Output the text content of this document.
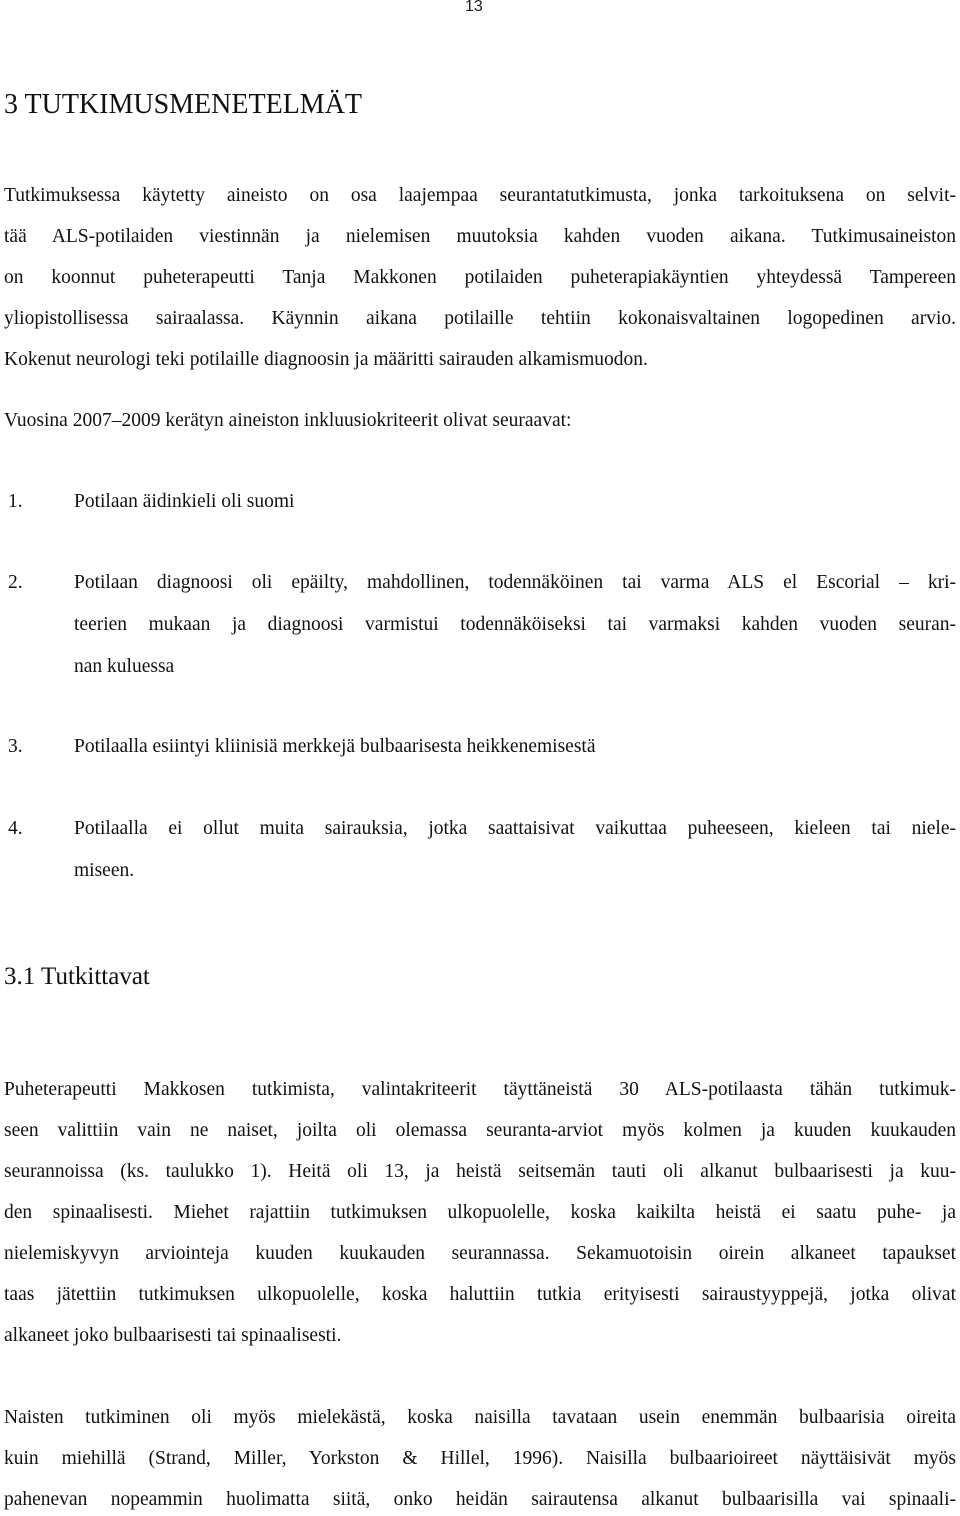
13
3 TUTKIMUSMENETELMÄT
Tutkimuksessa käytetty aineisto on osa laajempaa seurantatutkimusta, jonka tarkoituksena on selvit-
tää ALS-potilaiden viestinnän ja nielemisen muutoksia kahden vuoden aikana. Tutkimusaineiston
on koonnut puheterapeutti Tanja Makkonen potilaiden puheterapiakäyntien yhteydessä Tampereen
yliopistollisessa sairaalassa. Käynnin aikana potilaille tehtiin kokonaisvaltainen logopedinen arvio.
Kokenut neurologi teki potilaille diagnoosin ja määritti sairauden alkamismuodon.
Vuosina 2007–2009 kerätyn aineiston inkluusiokriteerit olivat seuraavat:
1.	Potilaan äidinkieli oli suomi
2.	Potilaan diagnoosi oli epäilty, mahdollinen, todennäköinen tai varma ALS el Escorial – kri-
teerien mukaan ja diagnoosi varmistui todennäköiseksi tai varmaksi kahden vuoden seuran-
nan kuluessa
3.	Potilaalla esiintyi kliinisiä merkkejä bulbaarisesta heikkenemisestä
4.	Potilaalla ei ollut muita sairauksia, jotka saattaisivat vaikuttaa puheeseen, kieleen tai niele-
miseen.
3.1 Tutkittavat
Puheterapeutti Makkosen tutkimista, valintakriteerit täyttäneistä 30 ALS-potilaasta tähän tutkimuk-
seen valittiin vain ne naiset, joilta oli olemassa seuranta-arviot myös kolmen ja kuuden kuukauden
seurannoissa (ks. taulukko 1). Heitä oli 13, ja heistä seitsemän tauti oli alkanut bulbaarisesti ja kuu-
den spinaalisesti. Miehet rajattiin tutkimuksen ulkopuolelle, koska kaikilta heistä ei saatu puhe- ja
nielemiskyvyn arviointeja kuuden kuukauden seurannassa. Sekamuotoisin oirein alkaneet tapaukset
taas jätettiin tutkimuksen ulkopuolelle, koska haluttiin tutkia erityisesti sairaustyyppejä, jotka olivat
alkaneet joko bulbaarisesti tai spinaalisesti.
Naisten tutkiminen oli myös mielekästä, koska naisilla tavataan usein enemmän bulbaarisia oireita
kuin miehillä (Strand, Miller, Yorkston & Hillel, 1996). Naisilla bulbaarioireet näyttäisivät myös
pahenevan nopeammin huolimatta siitä, onko heidän sairautensa alkanut bulbaarisilla vai spinaali-
